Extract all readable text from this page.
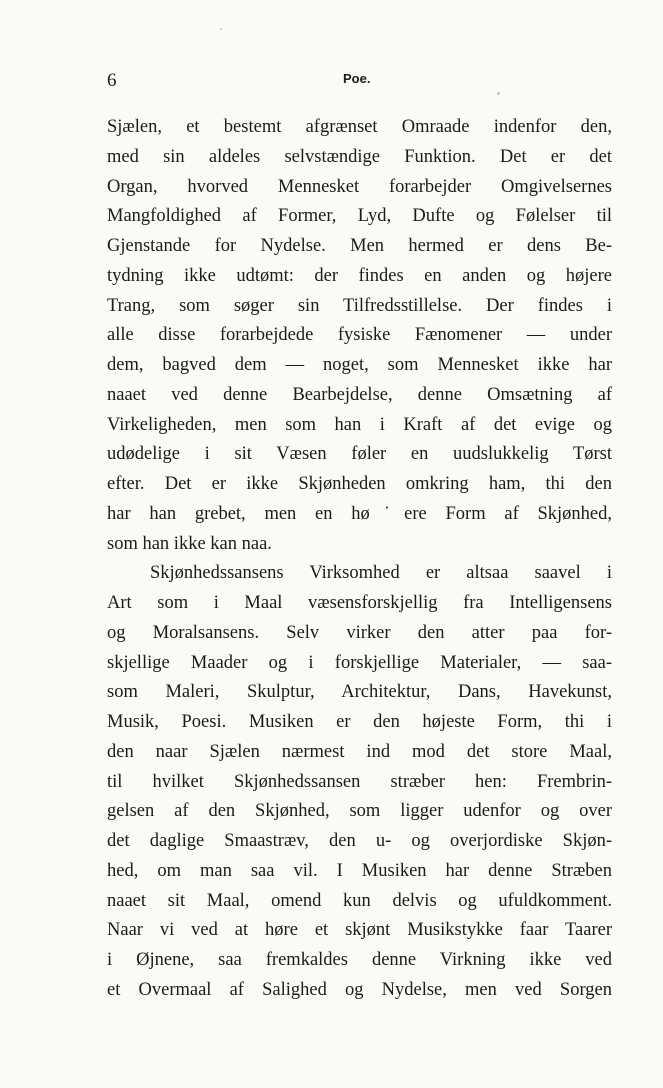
6	Poe.
Sjælen, et bestemt afgrænset Omraade indenfor den,
med sin aldeles selvstændige Funktion. Det er det
Organ, hvorved Mennesket forarbejder Omgivelsernes
Mangfoldighed af Former, Lyd, Dufte og Følelser til
Gjenstande for Nydelse. Men hermed er dens Be-
tydning ikke udtømt: der findes en anden og højere
Trang, som søger sin Tilfredsstillelse. Der findes i
alle disse forarbejdede fysiske Fænomener — under
dem, bagved dem — noget, som Mennesket ikke har
naaet ved denne Bearbejdelse, denne Omsætning af
Virkeligheden, men som han i Kraft af det evige og
udødelige i sit Væsen føler en uudslukkelig Tørst
efter. Det er ikke Skjønheden omkring ham, thi den
har han grebet, men en hø˙ere Form af Skjønhed,
som han ikke kan naa.
Skjønhedssansens Virksomhed er altsaa saavel i
Art som i Maal væsensforskjellig fra Intelligensens
og Moralsansens. Selv virker den atter paa for-
skjellige Maader og i forskjellige Materialer, — saa-
som Maleri, Skulptur, Architektur, Dans, Havekunst,
Musik, Poesi. Musiken er den højeste Form, thi i
den naar Sjælen nærmest ind mod det store Maal,
til hvilket Skjønhedssansen stræber hen: Frembrin-
gelsen af den Skjønhed, som ligger udenfor og over
det daglige Smaastræv, den u- og overjordiske Skjøn-
hed, om man saa vil. I Musiken har denne Stræben
naaet sit Maal, omend kun delvis og ufuldkomment.
Naar vi ved at høre et skjønt Musikstykke faar Taarer
i Øjnene, saa fremkaldes denne Virkning ikke ved
et Overmaal af Salighed og Nydelse, men ved Sorgen
